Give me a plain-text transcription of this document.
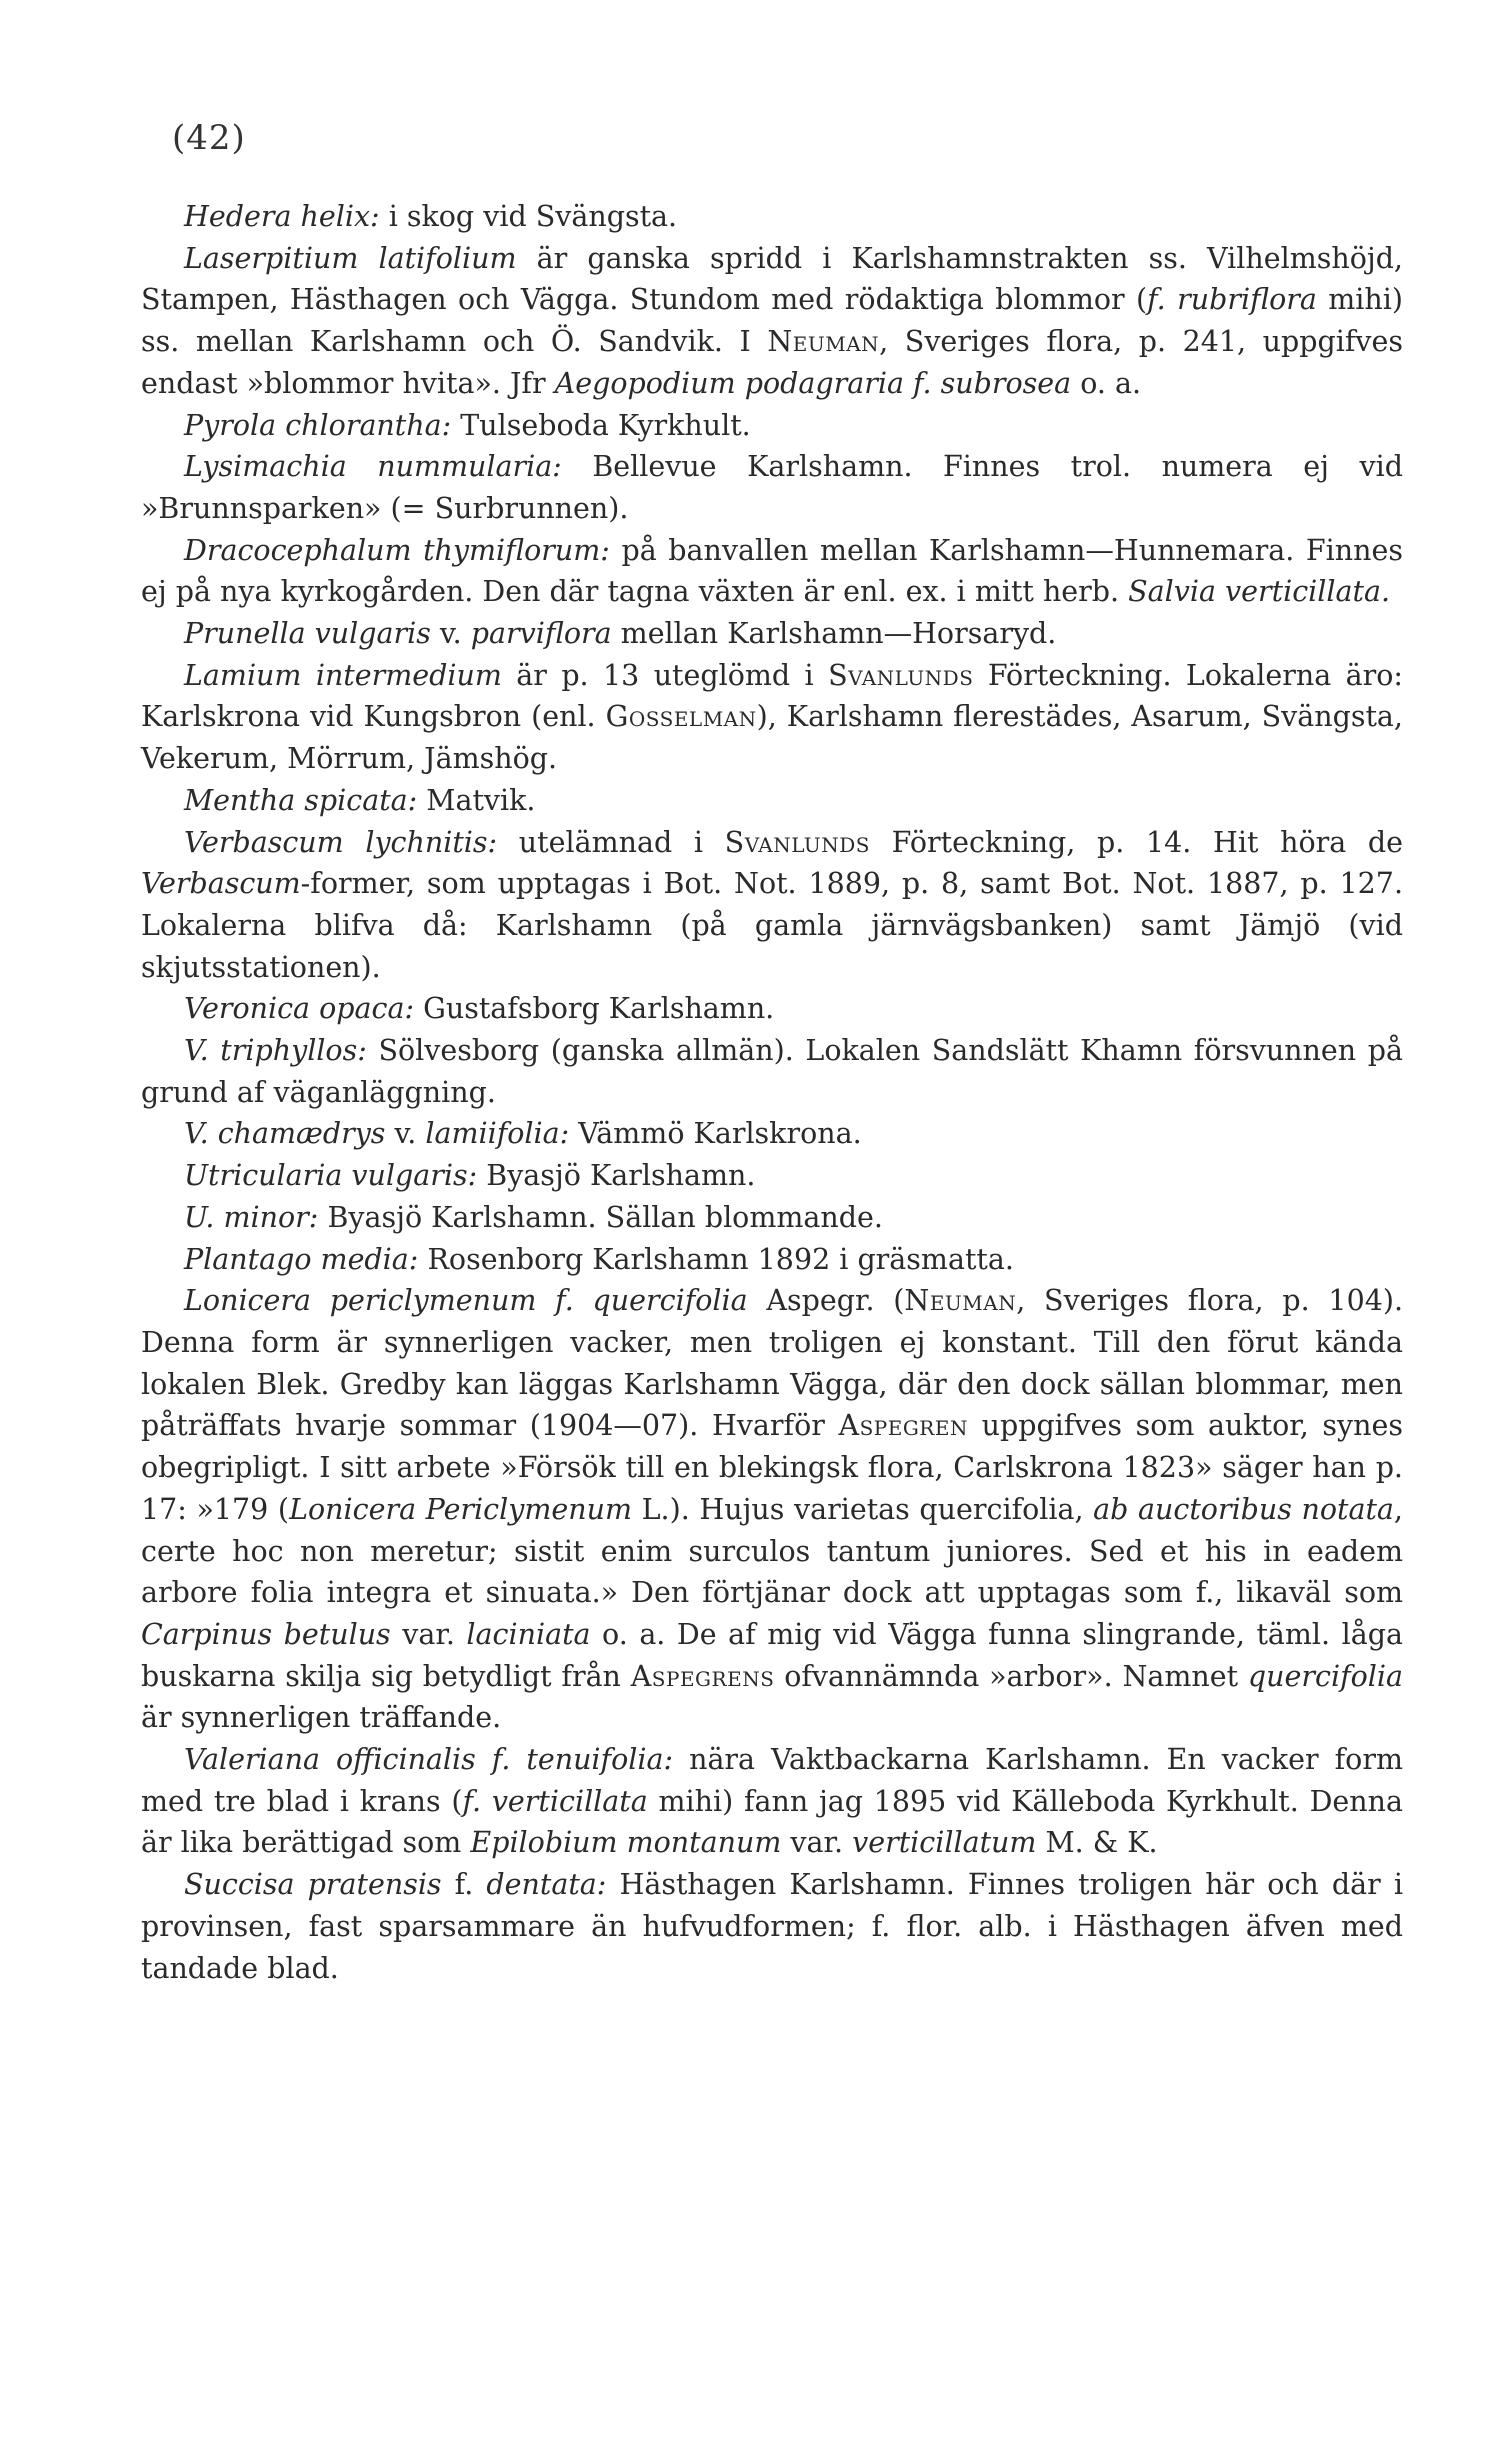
(42)

Hedera helix: i skog vid Svängsta.

Laserpitium latifolium är ganska spridd i Karlshamnstrakten ss. Vilhelmshöjd, Stampen, Hästhagen och Vägga. Stundom med rödaktiga blommor (f. rubriflora mihi) ss. mellan Karlshamn och Ö. Sandvik. I Neuman, Sveriges flora, p. 241, uppgifves endast »blommor hvita». Jfr Aegopodium podagraria f. subrosea o. a.

Pyrola chlorantha: Tulseboda Kyrkhult.

Lysimachia nummularia: Bellevue Karlshamn. Finnes trol. numera ej vid »Brunnsparken» (= Surbrunnen).

Dracocephalum thymiflorum: på banvallen mellan Karlshamn—Hunnemara. Finnes ej på nya kyrkogården. Den där tagna växten är enl. ex. i mitt herb. Salvia verticillata.

Prunella vulgaris v. parviflora mellan Karlshamn—Horsaryd.

Lamium intermedium är p. 13 uteglömd i Svanlunds Förteckning. Lokalerna äro: Karlskrona vid Kungsbron (enl. Gosselman), Karlshamn flerestädes, Asarum, Svängsta, Vekerum, Mörrum, Jämshög.

Mentha spicata: Matvik.

Verbascum lychnitis: utelämnad i Svanlunds Förteckning, p. 14. Hit höra de Verbascum-former, som upptagas i Bot. Not. 1889, p. 8, samt Bot. Not. 1887, p. 127. Lokalerna blifva då: Karlshamn (på gamla järnvägsbanken) samt Jämjö (vid skjutsstationen).

Veronica opaca: Gustafsborg Karlshamn.

V. triphyllos: Sölvesborg (ganska allmän). Lokalen Sandslätt Khamn försvunnen på grund af väganläggning.

V. chamædrys v. lamiifolia: Vämmö Karlskrona.

Utricularia vulgaris: Byasjö Karlshamn.

U. minor: Byasjö Karlshamn. Sällan blommande.

Plantago media: Rosenborg Karlshamn 1892 i gräsmatta.

Lonicera periclymenum f. quercifolia Aspegr. (Neuman, Sveriges flora, p. 104). Denna form är synnerligen vacker, men troligen ej konstant. Till den förut kända lokalen Blek. Gredby kan läggas Karlshamn Vägga, där den dock sällan blommar, men påträffats hvarje sommar (1904—07). Hvarför Aspegren uppgifves som auktor, synes obegripligt. I sitt arbete »Försök till en blekingsk flora, Carlskrona 1823» säger han p. 17: »179 (Lonicera Periclymenum L.). Hujus varietas quercifolia, ab auctoribus notata, certe hoc non meretur; sistit enim surculos tantum juniores. Sed et his in eadem arbore folia integra et sinuata.» Den förtjänar dock att upptagas som f., likaväl som Carpinus betulus var. laciniata o. a. De af mig vid Vägga funna slingrande, täml. låga buskarna skilja sig betydligt från Aspegrens ofvannämnda »arbor». Namnet quercifolia är synnerligen träffande.

Valeriana officinalis f. tenuifolia: nära Vaktbackarna Karlshamn. En vacker form med tre blad i krans (f. verticillata mihi) fann jag 1895 vid Källeboda Kyrkhult. Denna är lika berättigad som Epilobium montanum var. verticillatum M. & K.

Succisa pratensis f. dentata: Hästhagen Karlshamn. Finnes troligen här och där i provinsen, fast sparsammare än hufvudformen; f. flor. alb. i Hästhagen äfven med tandade blad.
